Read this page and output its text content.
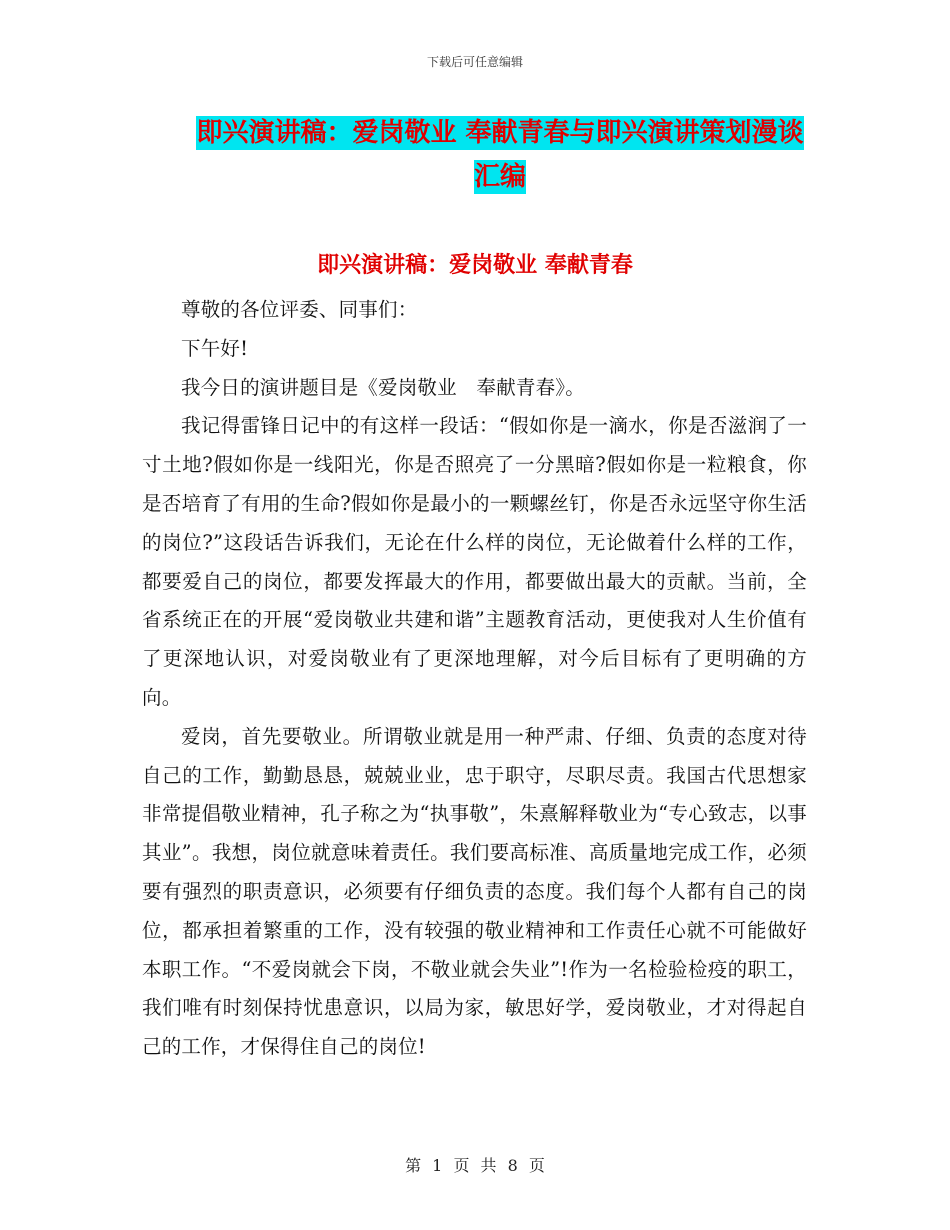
下载后可任意编辑
即兴演讲稿：爱岗敬业 奉献青春与即兴演讲策划漫谈
汇编
即兴演讲稿：爱岗敬业 奉献青春

尊敬的各位评委、同事们：

下午好!

我今日的演讲题目是《爱岗敬业　奉献青春》。

我记得雷锋日记中的有这样一段话：“假如你是一滴水，你是否滋润了一寸土地?假如你是一线阳光，你是否照亮了一分黑暗?假如你是一粒粮食，你是否培育了有用的生命?假如你是最小的一颗螺丝钉，你是否永远坚守你生活的岗位?”这段话告诉我们，无论在什么样的岗位，无论做着什么样的工作，都要爱自己的岗位，都要发挥最大的作用，都要做出最大的贡献。当前，全省系统正在的开展“爱岗敬业共建和谐”主题教育活动，更使我对人生价值有了更深地认识，对爱岗敬业有了更深地理解，对今后目标有了更明确的方向。

爱岗，首先要敬业。所谓敬业就是用一种严肃、仔细、负责的态度对待自己的工作，勤勤恳恳，兢兢业业，忠于职守，尽职尽责。我国古代思想家非常提倡敬业精神，孔子称之为“执事敬”，朱熹解释敬业为“专心致志，以事其业”。我想，岗位就意味着责任。我们要高标准、高质量地完成工作，必须要有强烈的职责意识，必须要有仔细负责的态度。我们每个人都有自己的岗位，都承担着繁重的工作，没有较强的敬业精神和工作责任心就不可能做好本职工作。“不爱岗就会下岗，不敬业就会失业”!作为一名检验检疫的职工，我们唯有时刻保持忧患意识，以局为家，敏思好学，爱岗敬业，才对得起自己的工作，才保得住自己的岗位!

第 1 页 共 8 页
